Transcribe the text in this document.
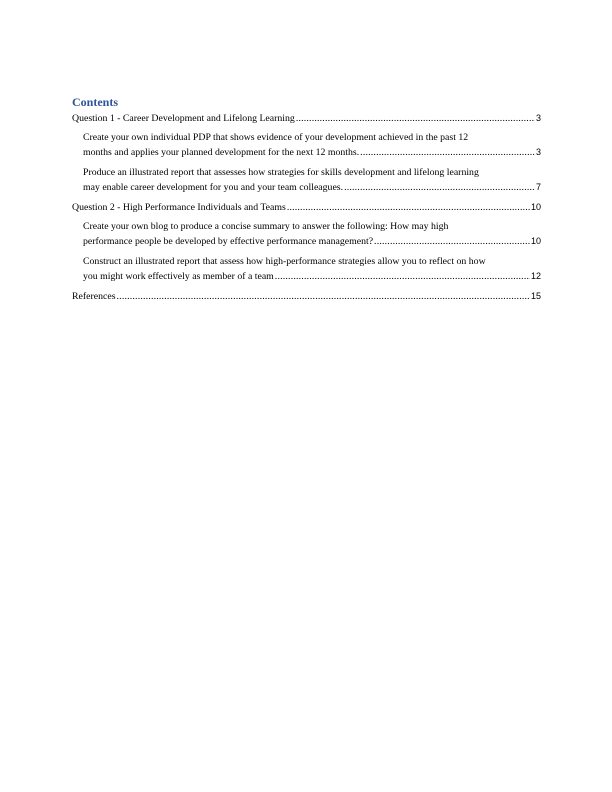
Contents
Question 1 - Career Development and Lifelong Learning .....	3
Create your own individual PDP that shows evidence of your development achieved in the past 12
months and applies your planned development for the next 12 months. .....	3
Produce an illustrated report that assesses how strategies for skills development and lifelong learning
may enable career development for you and your team colleagues. .....	7
Question 2 - High Performance Individuals and Teams .....	10
Create your own blog to produce a concise summary to answer the following: How may high
performance people be developed by effective performance management? .....	10
Construct an illustrated report that assess how high-performance strategies allow you to reflect on how
you might work effectively as member of a team .....	12
References .....	15
